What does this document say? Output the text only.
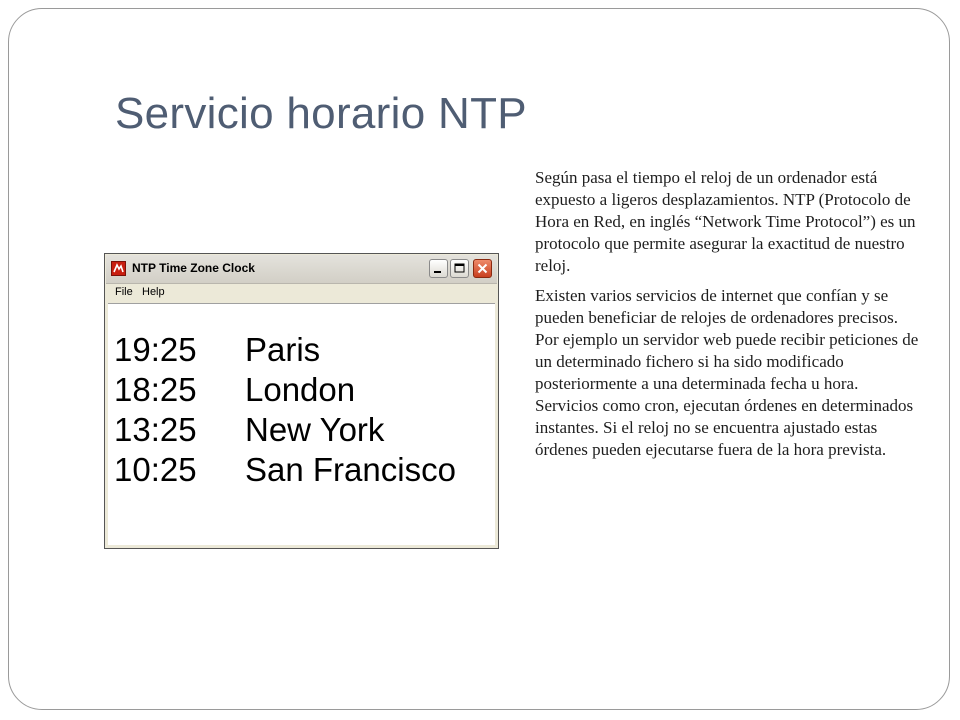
Servicio horario NTP
NTP Time Zone Clock
File Help
19:25 Paris
18:25 London
13:25 New York
10:25 San Francisco

Según pasa el tiempo el reloj de un ordenador está expuesto a ligeros desplazamientos. NTP (Protocolo de Hora en Red, en inglés “Network Time Protocol”) es un protocolo que permite asegurar la exactitud de nuestro reloj.

Existen varios servicios de internet que confían y se pueden beneficiar de relojes de ordenadores precisos. Por ejemplo un servidor web puede recibir peticiones de un determinado fichero si ha sido modificado posteriormente a una determinada fecha u hora. Servicios como cron, ejecutan órdenes en determinados instantes. Si el reloj no se encuentra ajustado estas órdenes pueden ejecutarse fuera de la hora prevista.
